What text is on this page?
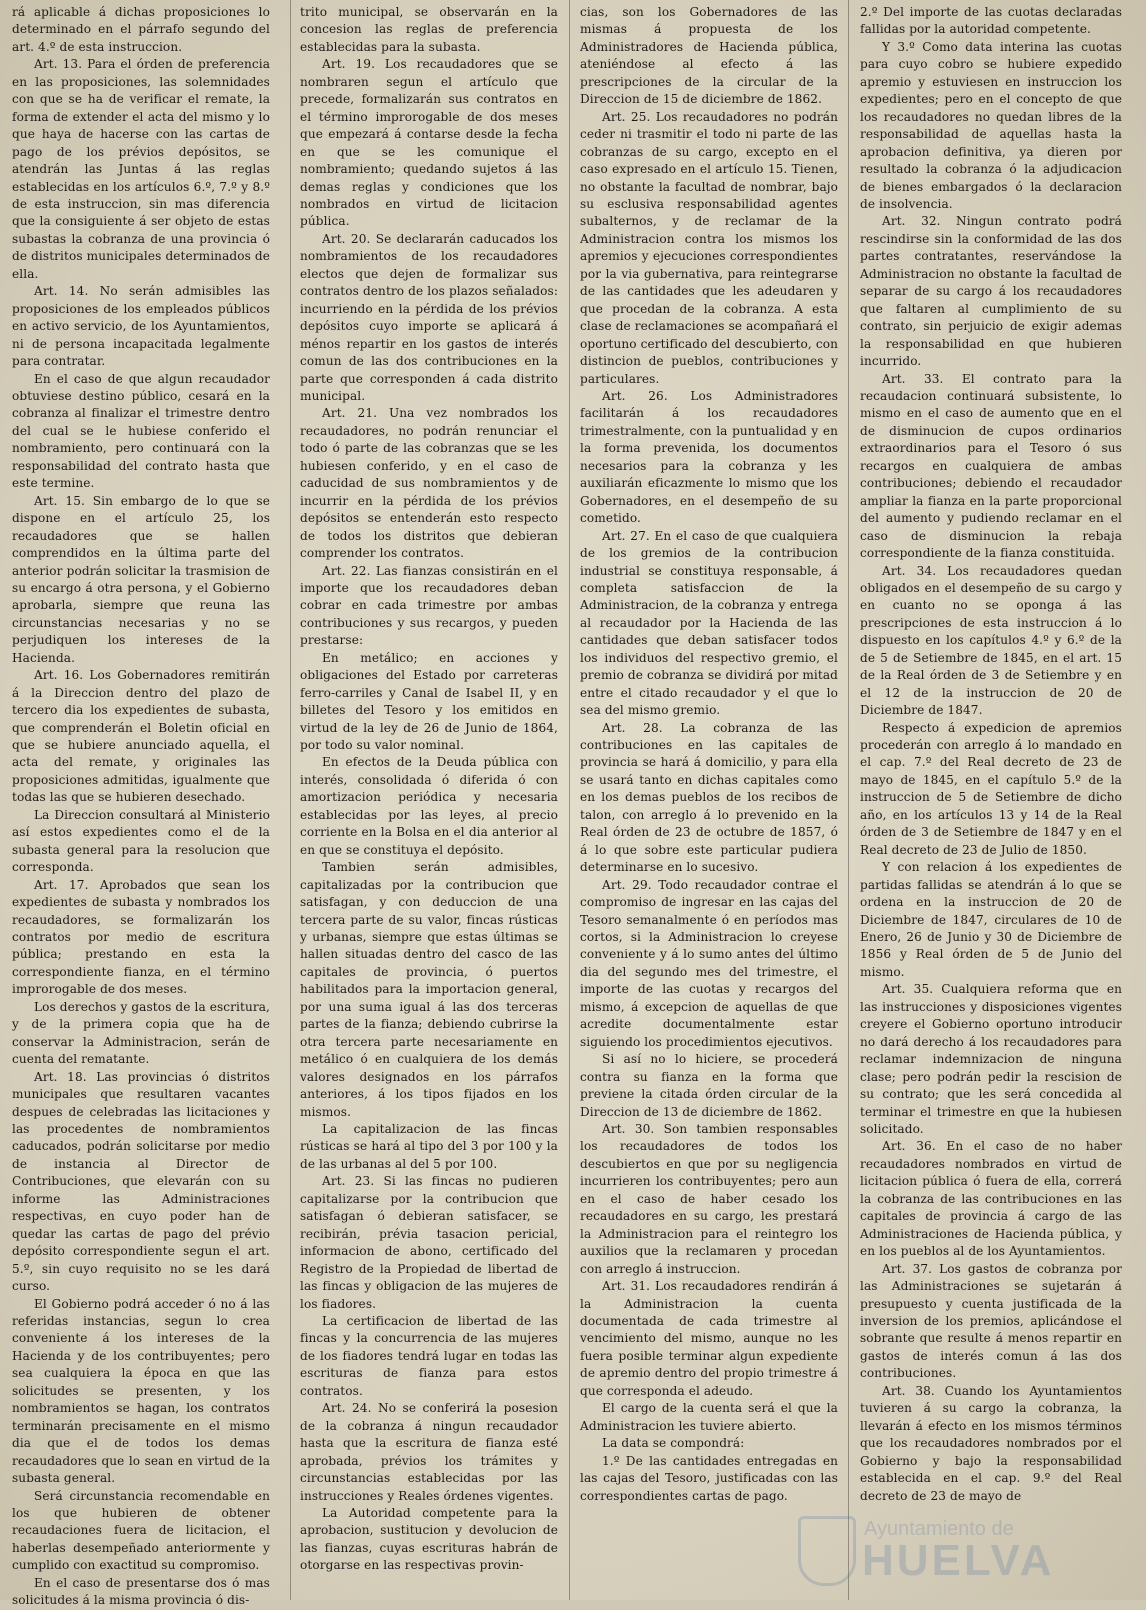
rá aplicable á dichas proposiciones lo determinado en el párrafo segundo del art. 4.º de esta instruccion.

Art. 13. Para el órden de preferencia en las proposiciones, las solemnidades con que se ha de verificar el remate, la forma de extender el acta del mismo y lo que haya de hacerse con las cartas de pago de los prévios depósitos, se atendrán las Juntas á las reglas establecidas en los artículos 6.º, 7.º y 8.º de esta instruccion, sin mas diferencia que la consiguiente á ser objeto de estas subastas la cobranza de una provincia ó de distritos municipales determinados de ella.

Art. 14. No serán admisibles las proposiciones de los empleados públicos en activo servicio, de los Ayuntamientos, ni de persona incapacitada legalmente para contratar.

En el caso de que algun recaudador obtuviese destino público, cesará en la cobranza al finalizar el trimestre dentro del cual se le hubiese conferido el nombramiento, pero continuará con la responsabilidad del contrato hasta que este termine.

Art. 15. Sin embargo de lo que se dispone en el artículo 25, los recaudadores que se hallen comprendidos en la última parte del anterior podrán solicitar la trasmision de su encargo á otra persona, y el Gobierno aprobarla, siempre que reuna las circunstancias necesarias y no se perjudiquen los intereses de la Hacienda.

Art. 16. Los Gobernadores remitirán á la Direccion dentro del plazo de tercero dia los expedientes de subasta, que comprenderán el Boletin oficial en que se hubiere anunciado aquella, el acta del remate, y originales las proposiciones admitidas, igualmente que todas las que se hubieren desechado.

La Direccion consultará al Ministerio así estos expedientes como el de la subasta general para la resolucion que corresponda.

Art. 17. Aprobados que sean los expedientes de subasta y nombrados los recaudadores, se formalizarán los contratos por medio de escritura pública; prestando en esta la correspondiente fianza, en el término improrogable de dos meses.

Los derechos y gastos de la escritura, y de la primera copia que ha de conservar la Administracion, serán de cuenta del rematante.

Art. 18. Las provincias ó distritos municipales que resultaren vacantes despues de celebradas las licitaciones y las procedentes de nombramientos caducados, podrán solicitarse por medio de instancia al Director de Contribuciones, que elevarán con su informe las Administraciones respectivas, en cuyo poder han de quedar las cartas de pago del prévio depósito correspondiente segun el art. 5.º, sin cuyo requisito no se les dará curso.

El Gobierno podrá acceder ó no á las referidas instancias, segun lo crea conveniente á los intereses de la Hacienda y de los contribuyentes; pero sea cualquiera la época en que las solicitudes se presenten, y los nombramientos se hagan, los contratos terminarán precisamente en el mismo dia que el de todos los demas recaudadores que lo sean en virtud de la subasta general.

Será circunstancia recomendable en los que hubieren de obtener recaudaciones fuera de licitacion, el haberlas desempeñado anteriormente y cumplido con exactitud su compromiso.

En el caso de presentarse dos ó mas solicitudes á la misma provincia ó dis-

trito municipal, se observarán en la concesion las reglas de preferencia establecidas para la subasta.

Art. 19. Los recaudadores que se nombraren segun el artículo que precede, formalizarán sus contratos en el término improrogable de dos meses que empezará á contarse desde la fecha en que se les comunique el nombramiento; quedando sujetos á las demas reglas y condiciones que los nombrados en virtud de licitacion pública.

Art. 20. Se declararán caducados los nombramientos de los recaudadores electos que dejen de formalizar sus contratos dentro de los plazos señalados: incurriendo en la pérdida de los prévios depósitos cuyo importe se aplicará á ménos repartir en los gastos de interés comun de las dos contribuciones en la parte que corresponden á cada distrito municipal.

Art. 21. Una vez nombrados los recaudadores, no podrán renunciar el todo ó parte de las cobranzas que se les hubiesen conferido, y en el caso de caducidad de sus nombramientos y de incurrir en la pérdida de los prévios depósitos se entenderán esto respecto de todos los distritos que debieran comprender los contratos.

Art. 22. Las fianzas consistirán en el importe que los recaudadores deban cobrar en cada trimestre por ambas contribuciones y sus recargos, y pueden prestarse:

En metálico; en acciones y obligaciones del Estado por carreteras ferro-carriles y Canal de Isabel II, y en billetes del Tesoro y los emitidos en virtud de la ley de 26 de Junio de 1864, por todo su valor nominal.

En efectos de la Deuda pública con interés, consolidada ó diferida ó con amortizacion periódica y necesaria establecidas por las leyes, al precio corriente en la Bolsa en el dia anterior al en que se constituya el depósito.

Tambien serán admisibles, capitalizadas por la contribucion que satisfagan, y con deduccion de una tercera parte de su valor, fincas rústicas y urbanas, siempre que estas últimas se hallen situadas dentro del casco de las capitales de provincia, ó puertos habilitados para la importacion general, por una suma igual á las dos terceras partes de la fianza; debiendo cubrirse la otra tercera parte necesariamente en metálico ó en cualquiera de los demás valores designados en los párrafos anteriores, á los tipos fijados en los mismos.

La capitalizacion de las fincas rústicas se hará al tipo del 3 por 100 y la de las urbanas al del 5 por 100.

Art. 23. Si las fincas no pudieren capitalizarse por la contribucion que satisfagan ó debieran satisfacer, se recibirán, prévia tasacion pericial, informacion de abono, certificado del Registro de la Propiedad de libertad de las fincas y obligacion de las mujeres de los fiadores.

La certificacion de libertad de las fincas y la concurrencia de las mujeres de los fiadores tendrá lugar en todas las escrituras de fianza para estos contratos.

Art. 24. No se conferirá la posesion de la cobranza á ningun recaudador hasta que la escritura de fianza esté aprobada, prévios los trámites y circunstancias establecidas por las instrucciones y Reales órdenes vigentes.

La Autoridad competente para la aprobacion, sustitucion y devolucion de las fianzas, cuyas escrituras habrán de otorgarse en las respectivas provin-

cias, son los Gobernadores de las mismas á propuesta de los Administradores de Hacienda pública, ateniéndose al efecto á las prescripciones de la circular de la Direccion de 15 de diciembre de 1862.

Art. 25. Los recaudadores no podrán ceder ni trasmitir el todo ni parte de las cobranzas de su cargo, excepto en el caso expresado en el artículo 15. Tienen, no obstante la facultad de nombrar, bajo su esclusiva responsabilidad agentes subalternos, y de reclamar de la Administracion contra los mismos los apremios y ejecuciones correspondientes por la via gubernativa, para reintegrarse de las cantidades que les adeudaren y que procedan de la cobranza. A esta clase de reclamaciones se acompañará el oportuno certificado del descubierto, con distincion de pueblos, contribuciones y particulares.

Art. 26. Los Administradores facilitarán á los recaudadores trimestralmente, con la puntualidad y en la forma prevenida, los documentos necesarios para la cobranza y les auxiliarán eficazmente lo mismo que los Gobernadores, en el desempeño de su cometido.

Art. 27. En el caso de que cualquiera de los gremios de la contribucion industrial se constituya responsable, á completa satisfaccion de la Administracion, de la cobranza y entrega al recaudador por la Hacienda de las cantidades que deban satisfacer todos los individuos del respectivo gremio, el premio de cobranza se dividirá por mitad entre el citado recaudador y el que lo sea del mismo gremio.

Art. 28. La cobranza de las contribuciones en las capitales de provincia se hará á domicilio, y para ella se usará tanto en dichas capitales como en los demas pueblos de los recibos de talon, con arreglo á lo prevenido en la Real órden de 23 de octubre de 1857, ó á lo que sobre este particular pudiera determinarse en lo sucesivo.

Art. 29. Todo recaudador contrae el compromiso de ingresar en las cajas del Tesoro semanalmente ó en períodos mas cortos, si la Administracion lo creyese conveniente y á lo sumo antes del último dia del segundo mes del trimestre, el importe de las cuotas y recargos del mismo, á excepcion de aquellas de que acredite documentalmente estar siguiendo los procedimientos ejecutivos.

Si así no lo hiciere, se procederá contra su fianza en la forma que previene la citada órden circular de la Direccion de 13 de diciembre de 1862.

Art. 30. Son tambien responsables los recaudadores de todos los descubiertos en que por su negligencia incurrieren los contribuyentes; pero aun en el caso de haber cesado los recaudadores en su cargo, les prestará la Administracion para el reintegro los auxilios que la reclamaren y procedan con arreglo á instruccion.

Art. 31. Los recaudadores rendirán á la Administracion la cuenta documentada de cada trimestre al vencimiento del mismo, aunque no les fuera posible terminar algun expediente de apremio dentro del propio trimestre á que corresponda el adeudo.

El cargo de la cuenta será el que la Administracion les tuviere abierto.

La data se compondrá:

1.º De las cantidades entregadas en las cajas del Tesoro, justificadas con las correspondientes cartas de pago.

2.º Del importe de las cuotas declaradas fallidas por la autoridad competente.

Y 3.º Como data interina las cuotas para cuyo cobro se hubiere expedido apremio y estuviesen en instruccion los expedientes; pero en el concepto de que los recaudadores no quedan libres de la responsabilidad de aquellas hasta la aprobacion definitiva, ya dieren por resultado la cobranza ó la adjudicacion de bienes embargados ó la declaracion de insolvencia.

Art. 32. Ningun contrato podrá rescindirse sin la conformidad de las dos partes contratantes, reservándose la Administracion no obstante la facultad de separar de su cargo á los recaudadores que faltaren al cumplimiento de su contrato, sin perjuicio de exigir ademas la responsabilidad en que hubieren incurrido.

Art. 33. El contrato para la recaudacion continuará subsistente, lo mismo en el caso de aumento que en el de disminucion de cupos ordinarios extraordinarios para el Tesoro ó sus recargos en cualquiera de ambas contribuciones; debiendo el recaudador ampliar la fianza en la parte proporcional del aumento y pudiendo reclamar en el caso de disminucion la rebaja correspondiente de la fianza constituida.

Art. 34. Los recaudadores quedan obligados en el desempeño de su cargo y en cuanto no se oponga á las prescripciones de esta instruccion á lo dispuesto en los capítulos 4.º y 6.º de la de 5 de Setiembre de 1845, en el art. 15 de la Real órden de 3 de Setiembre y en el 12 de la instruccion de 20 de Diciembre de 1847.

Respecto á expedicion de apremios procederán con arreglo á lo mandado en el cap. 7.º del Real decreto de 23 de mayo de 1845, en el capítulo 5.º de la instruccion de 5 de Setiembre de dicho año, en los artículos 13 y 14 de la Real órden de 3 de Setiembre de 1847 y en el Real decreto de 23 de Julio de 1850.

Y con relacion á los expedientes de partidas fallidas se atendrán á lo que se ordena en la instruccion de 20 de Diciembre de 1847, circulares de 10 de Enero, 26 de Junio y 30 de Diciembre de 1856 y Real órden de 5 de Junio del mismo.

Art. 35. Cualquiera reforma que en las instrucciones y disposiciones vigentes creyere el Gobierno oportuno introducir no dará derecho á los recaudadores para reclamar indemnizacion de ninguna clase; pero podrán pedir la rescision de su contrato; que les será concedida al terminar el trimestre en que la hubiesen solicitado.

Art. 36. En el caso de no haber recaudadores nombrados en virtud de licitacion pública ó fuera de ella, correrá la cobranza de las contribuciones en las capitales de provincia á cargo de las Administraciones de Hacienda pública, y en los pueblos al de los Ayuntamientos.

Art. 37. Los gastos de cobranza por las Administraciones se sujetarán á presupuesto y cuenta justificada de la inversion de los premios, aplicándose el sobrante que resulte á menos repartir en gastos de interés comun á las dos contribuciones.

Art. 38. Cuando los Ayuntamientos tuvieren á su cargo la cobranza, la llevarán á efecto en los mismos términos que los recaudadores nombrados por el Gobierno y bajo la responsabilidad establecida en el cap. 9.º del Real decreto de 23 de mayo de

Ayuntamiento de
HUELVA
